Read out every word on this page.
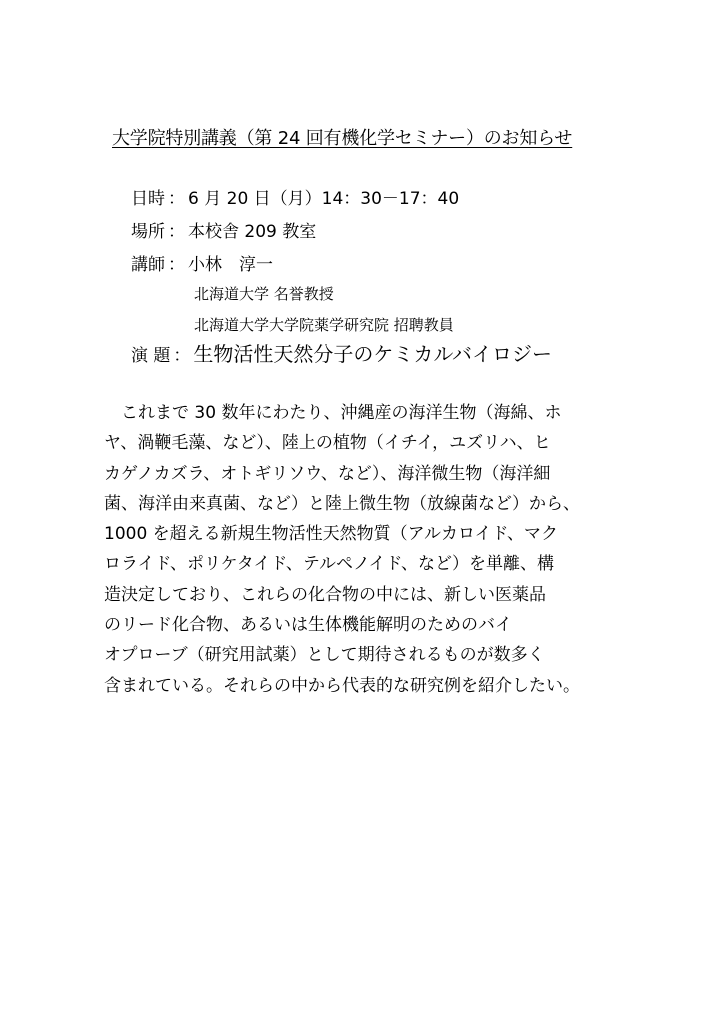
大学院特別講義（第 24 回有機化学セミナー）のお知らせ
日時 ： 6 月 20 日（月）14：30－17：40
場所 ： 本校舎 209 教室
講師 ： 小林　淳一
北海道大学 名誉教授
北海道大学大学院薬学研究院 招聘教員
演 題 ： 生物活性天然分子のケミカルバイロジー
これまで 30 数年にわたり、沖縄産の海洋生物（海綿、ホ
ヤ、渦鞭毛藻、など）、陸上の植物（イチイ，ユズリハ、ヒ
カゲノカズラ、オトギリソウ、など）、海洋微生物（海洋細
菌、海洋由来真菌、など）と陸上微生物（放線菌など）から、
1000 を超える新規生物活性天然物質（アルカロイド、マク
ロライド、ポリケタイド、テルペノイド、など）を単離、構
造決定しており、これらの化合物の中には、新しい医薬品
のリード化合物、あるいは生体機能解明のためのバイ
オプローブ（研究用試薬）として期待されるものが数多く
含まれている。それらの中から代表的な研究例を紹介したい。
